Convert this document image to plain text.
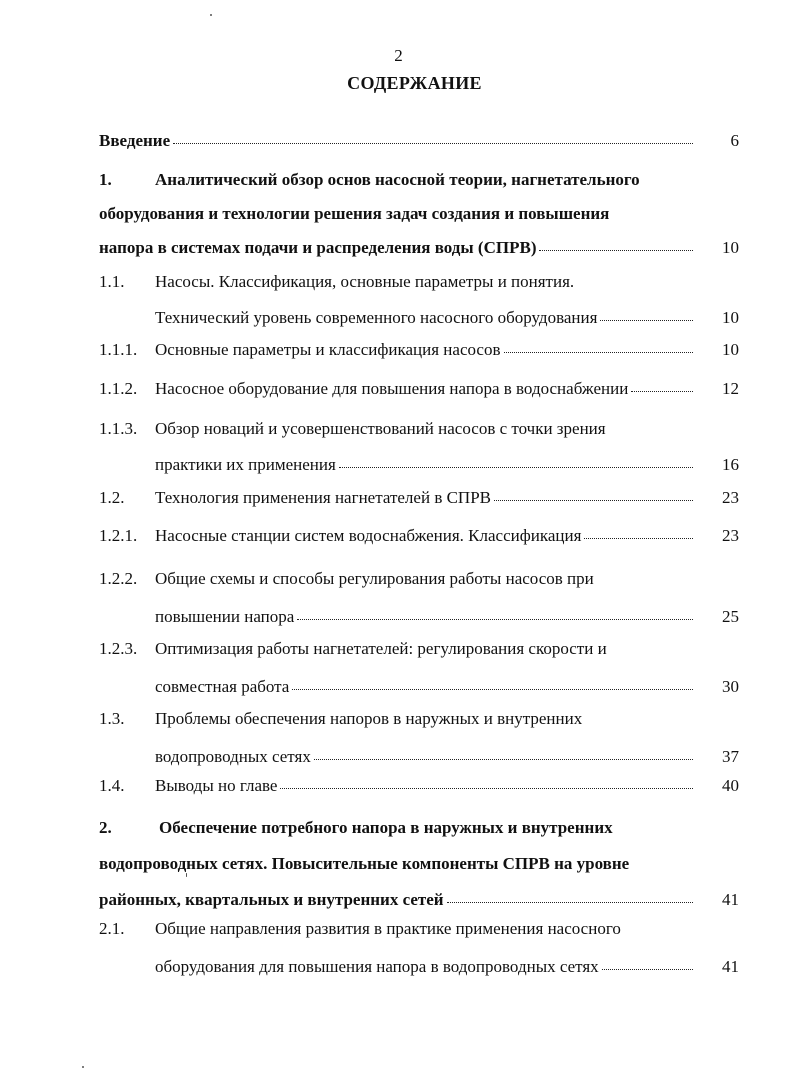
2
СОДЕРЖАНИЕ
Введение	6
1.	Аналитический обзор основ насосной теории, нагнетательного
оборудования и технологии решения задач создания и повышения
напора в системах подачи и распределения воды (СПРВ)	10
1.1. Насосы. Классификация, основные параметры и понятия.
Технический уровень современного насосного оборудования	10
1.1.1.	Основные параметры и классификация насосов	10
1.1.2.	Насосное оборудование для повышения напора в водоснабжении	12
1.1.3. Обзор новаций и усовершенствований насосов с точки зрения
практики их применения	16
1.2.	Технология применения нагнетателей в СПРВ	23
1.2.1.	Насосные станции систем водоснабжения. Классификация	23
1.2.2. Общие схемы и способы регулирования работы насосов при
повышении напора	25
1.2.3. Оптимизация работы нагнетателей: регулирования скорости и
совместная работа	30
1.3. Проблемы обеспечения напоров в наружных и внутренних
водопроводных сетях	37
1.4.	Выводы но главе	40
2.	Обеспечение потребного напора в наружных и внутренних
водопроводных сетях. Повысительные компоненты СПРВ на уровне
районных, квартальных и внутренних сетей	41
2.1. Общие направления развития в практике применения насосного
оборудования для повышения напора в водопроводных сетях	41
